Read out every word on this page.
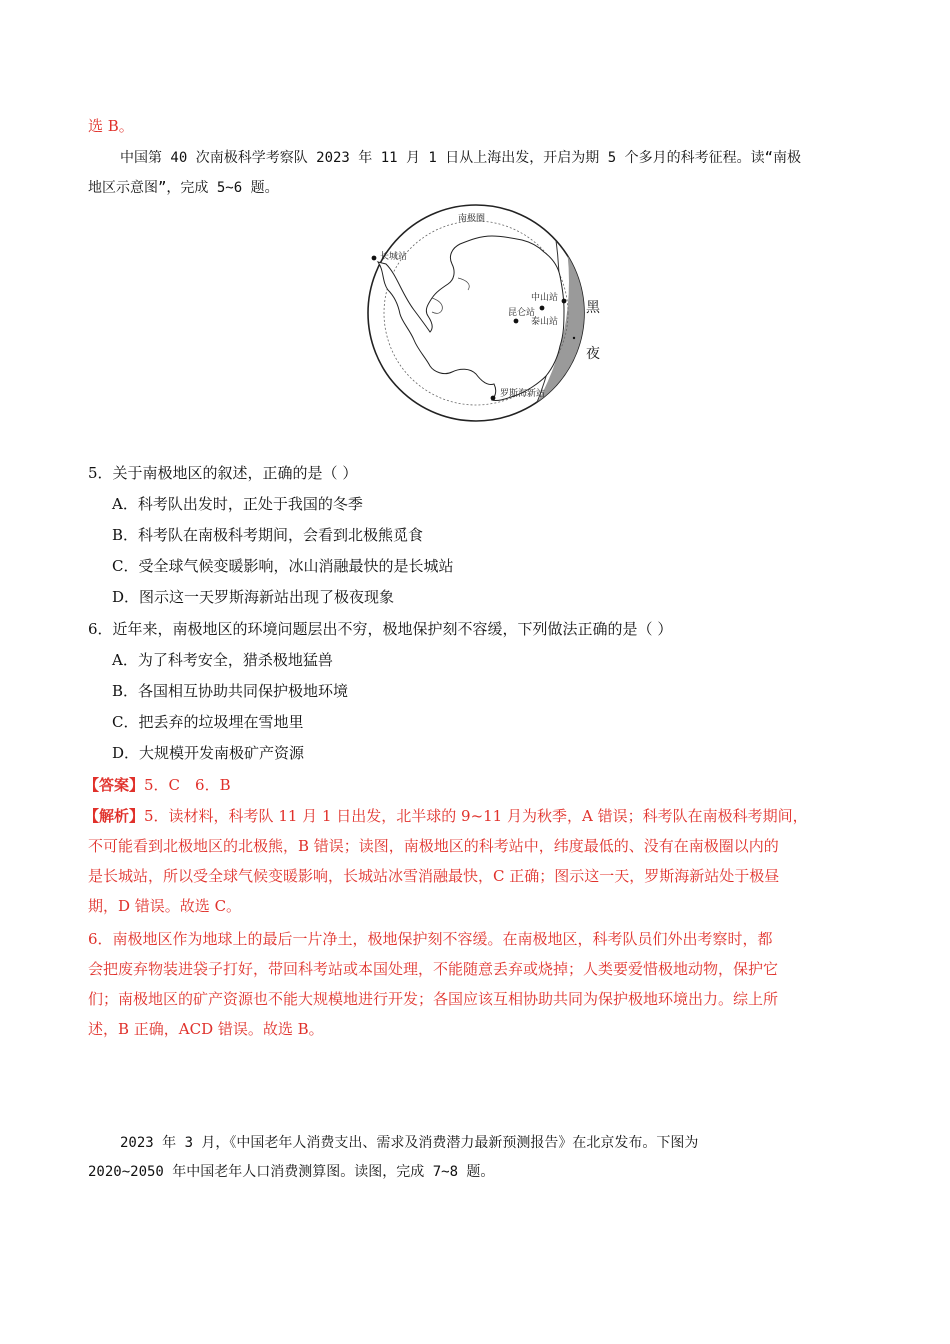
选 B。
中国第 40 次南极科学考察队 2023 年 11 月 1 日从上海出发，开启为期 5 个多月的科考征程。读“南极
地区示意图”，完成 5~6 题。
南极圈
长城站
中山站
昆仑站
泰山站
罗斯海新站
黑
夜
5．关于南极地区的叙述，正确的是（ ）
A．科考队出发时，正处于我国的冬季
B．科考队在南极科考期间，会看到北极熊觅食
C．受全球气候变暖影响，冰山消融最快的是长城站
D．图示这一天罗斯海新站出现了极夜现象
6．近年来，南极地区的环境问题层出不穷，极地保护刻不容缓，下列做法正确的是（ ）
A．为了科考安全，猎杀极地猛兽
B．各国相互协助共同保护极地环境
C．把丢弃的垃圾埋在雪地里
D．大规模开发南极矿产资源
【答案】5．C　6．B
【解析】5．读材料，科考队 11 月 1 日出发，北半球的 9~11 月为秋季，A 错误；科考队在南极科考期间，
不可能看到北极地区的北极熊，B 错误；读图，南极地区的科考站中，纬度最低的、没有在南极圈以内的
是长城站，所以受全球气候变暖影响，长城站冰雪消融最快，C 正确；图示这一天，罗斯海新站处于极昼
期，D 错误。故选 C。
6．南极地区作为地球上的最后一片净土，极地保护刻不容缓。在南极地区，科考队员们外出考察时，都
会把废弃物装进袋子打好，带回科考站或本国处理，不能随意丢弃或烧掉；人类要爱惜极地动物，保护它
们；南极地区的矿产资源也不能大规模地进行开发；各国应该互相协助共同为保护极地环境出力。综上所
述，B 正确，ACD 错误。故选 B。
2023 年 3 月，《中国老年人消费支出、需求及消费潜力最新预测报告》在北京发布。下图为
2020~2050 年中国老年人口消费测算图。读图，完成 7~8 题。
